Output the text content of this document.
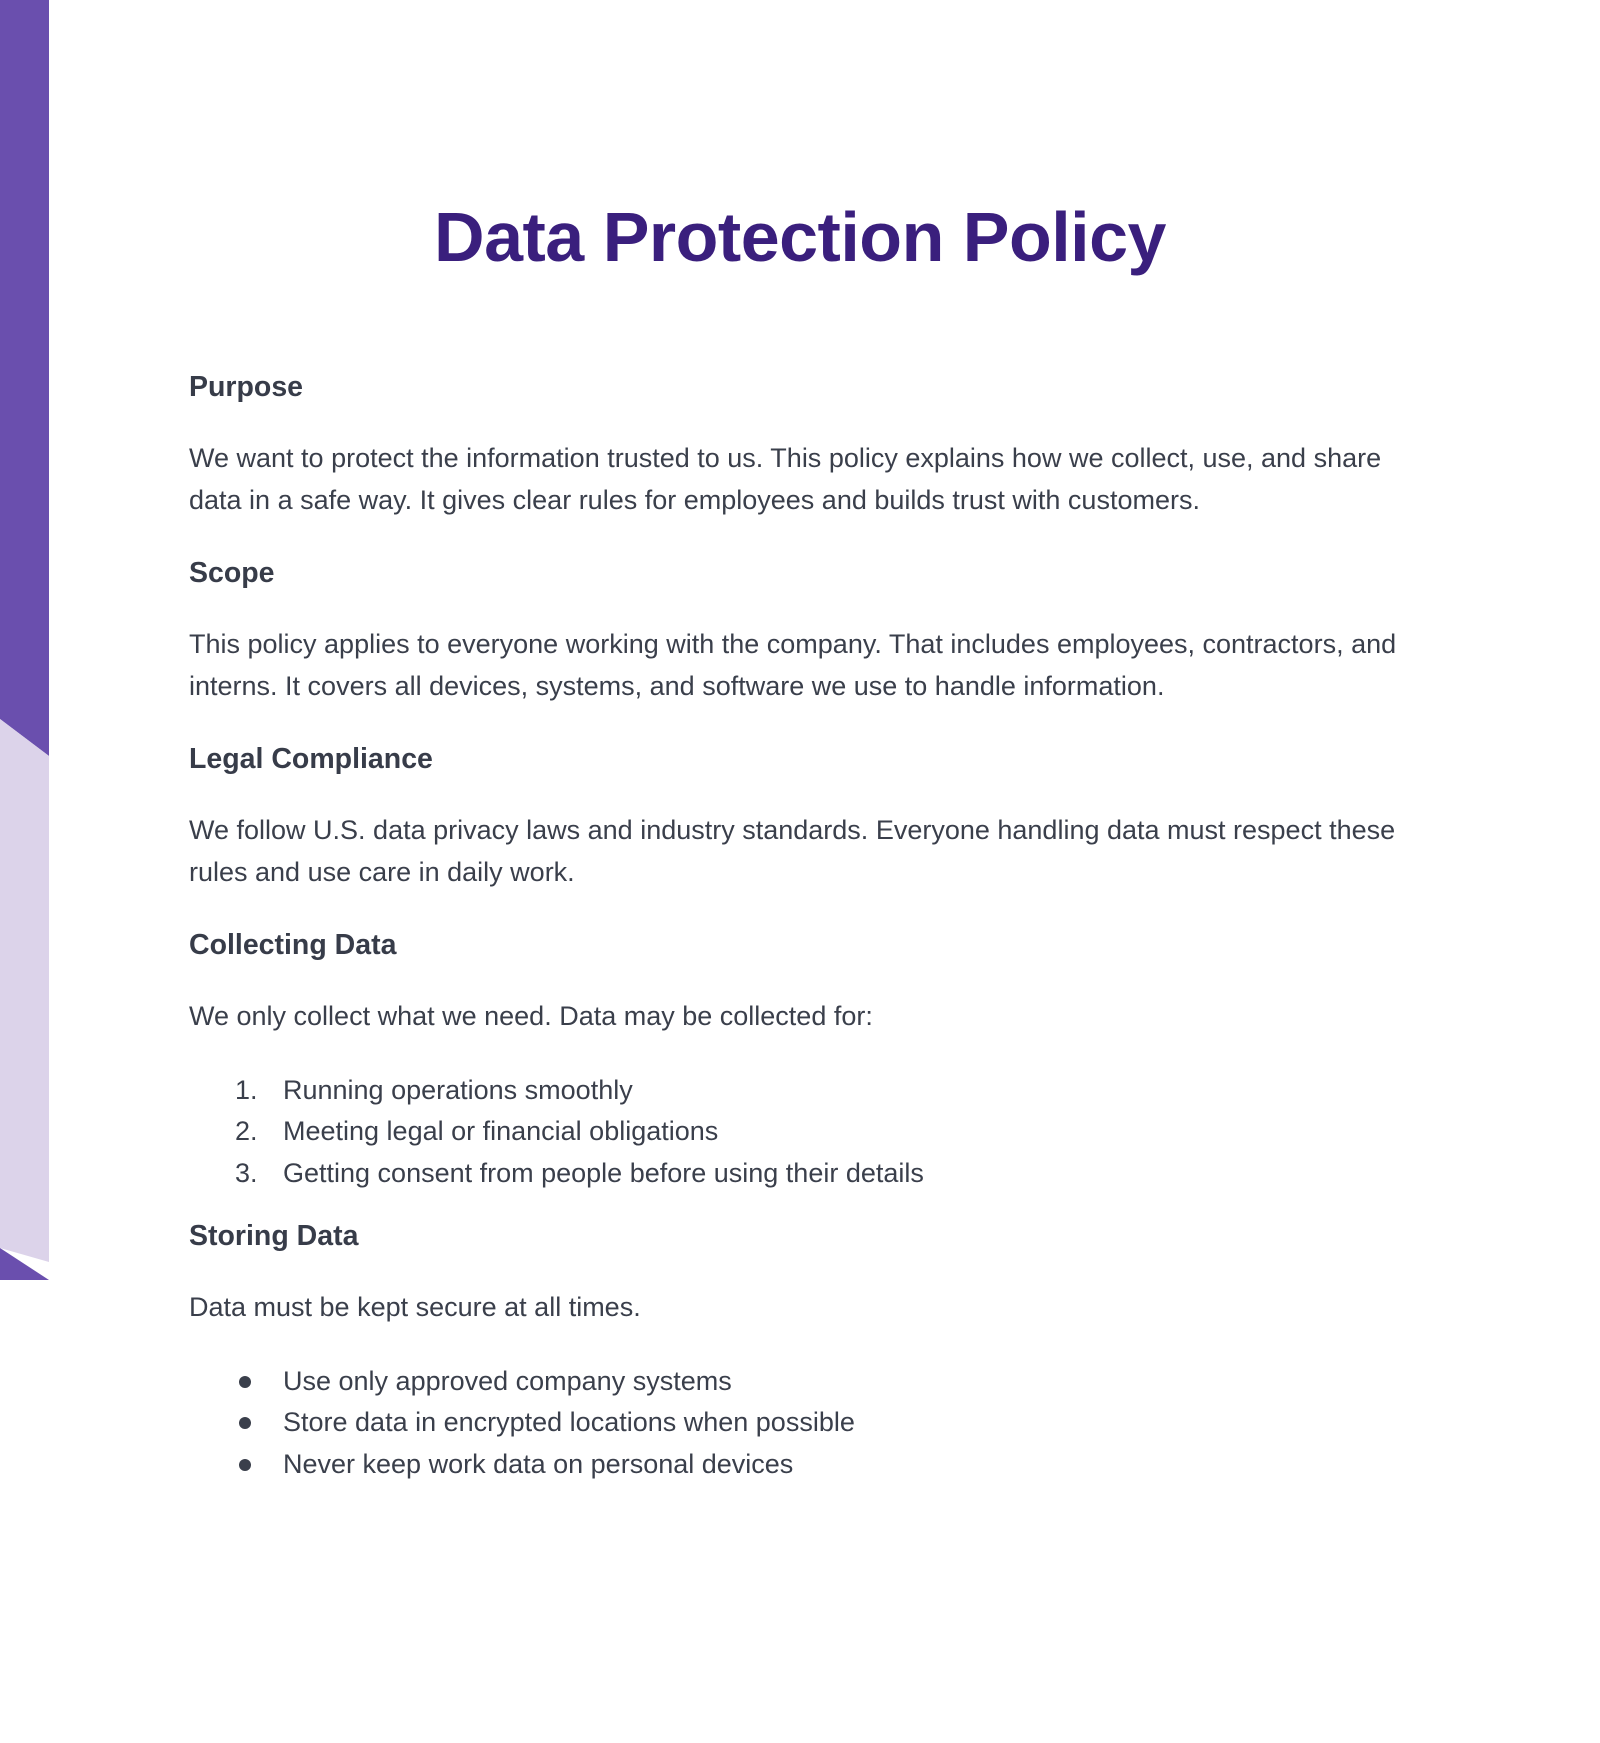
Data Protection Policy
Purpose

We want to protect the information trusted to us. This policy explains how we collect, use, and share data in a safe way. It gives clear rules for employees and builds trust with customers.

Scope

This policy applies to everyone working with the company. That includes employees, contractors, and interns. It covers all devices, systems, and software we use to handle information.

Legal Compliance

We follow U.S. data privacy laws and industry standards. Everyone handling data must respect these rules and use care in daily work.

Collecting Data

We only collect what we need. Data may be collected for:

1. Running operations smoothly
2. Meeting legal or financial obligations
3. Getting consent from people before using their details
Storing Data

Data must be kept secure at all times.

Use only approved company systems
Store data in encrypted locations when possible
Never keep work data on personal devices
